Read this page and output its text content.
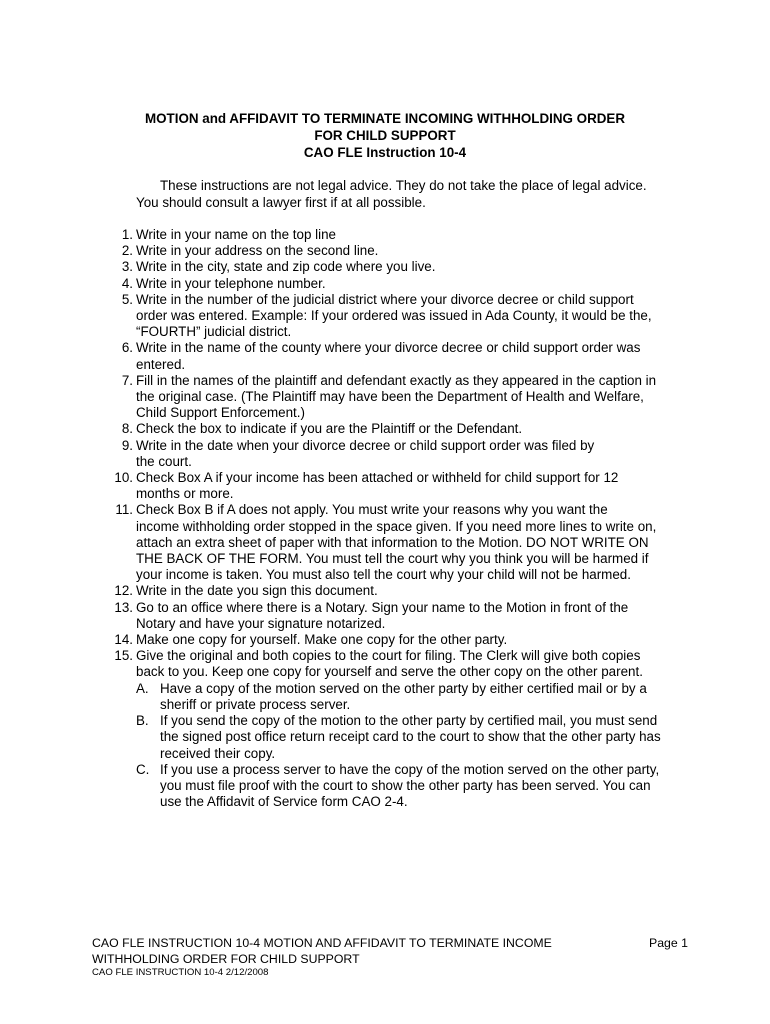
MOTION and AFFIDAVIT TO TERMINATE INCOMING WITHHOLDING ORDER
FOR CHILD SUPPORT
CAO FLE Instruction 10-4
These instructions are not legal advice. They do not take the place of legal advice.
You should consult a lawyer first if at all possible.
1. Write in your name on the top line
2. Write in your address on the second line.
3. Write in the city, state and zip code where you live.
4. Write in your telephone number.
5. Write in the number of the judicial district where your divorce decree or child support
order was entered. Example: If your ordered was issued in Ada County, it would be the,
“FOURTH” judicial district.
6. Write in the name of the county where your divorce decree or child support order was
entered.
7. Fill in the names of the plaintiff and defendant exactly as they appeared in the caption in
the original case. (The Plaintiff may have been the Department of Health and Welfare,
Child Support Enforcement.)
8. Check the box to indicate if you are the Plaintiff or the Defendant.
9. Write in the date when your divorce decree or child support order was filed by
the court.
10. Check Box A if your income has been attached or withheld for child support for 12
months or more.
11. Check Box B if A does not apply. You must write your reasons why you want the
income withholding order stopped in the space given. If you need more lines to write on,
attach an extra sheet of paper with that information to the Motion. DO NOT WRITE ON
THE BACK OF THE FORM. You must tell the court why you think you will be harmed if
your income is taken. You must also tell the court why your child will not be harmed.
12. Write in the date you sign this document.
13. Go to an office where there is a Notary. Sign your name to the Motion in front of the
Notary and have your signature notarized.
14. Make one copy for yourself. Make one copy for the other party.
15. Give the original and both copies to the court for filing. The Clerk will give both copies
back to you. Keep one copy for yourself and serve the other copy on the other parent.
A. Have a copy of the motion served on the other party by either certified mail or by a
sheriff or private process server.
B. If you send the copy of the motion to the other party by certified mail, you must send
the signed post office return receipt card to the court to show that the other party has
received their copy.
C. If you use a process server to have the copy of the motion served on the other party,
you must file proof with the court to show the other party has been served. You can
use the Affidavit of Service form CAO 2-4.
CAO FLE INSTRUCTION 10-4 MOTION AND AFFIDAVIT TO TERMINATE INCOME	Page 1
WITHHOLDING ORDER FOR CHILD SUPPORT
CAO FLE INSTRUCTION 10-4 2/12/2008
